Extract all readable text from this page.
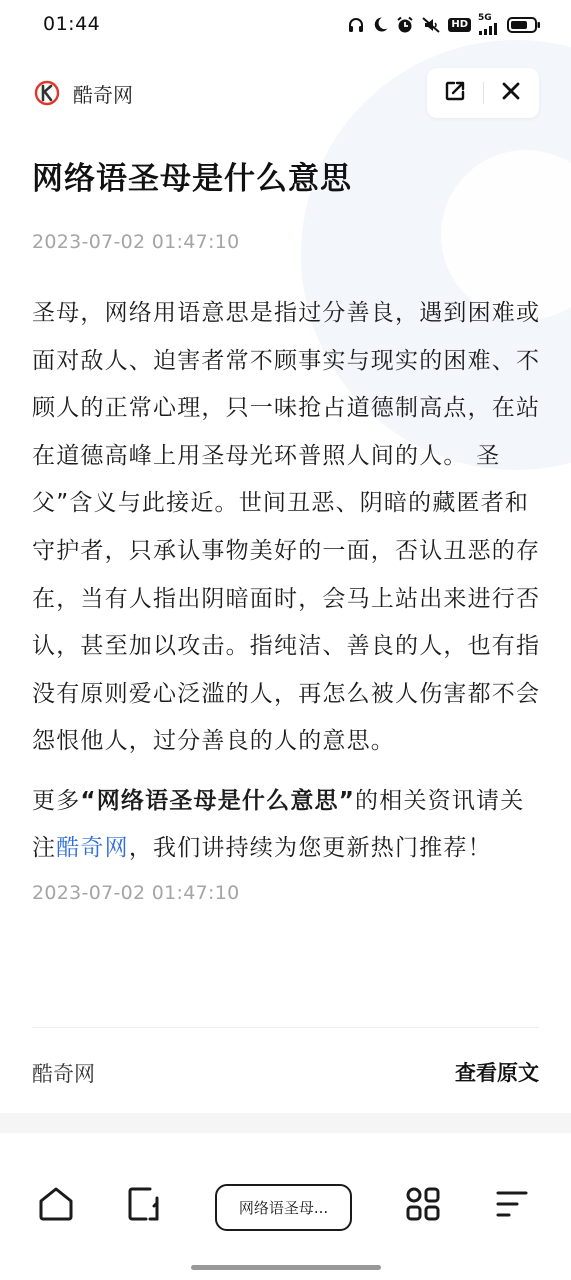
01:44	HD
5G
酷奇网
网络语圣母是什么意思
2023-07-02 01:47:10

圣母，网络用语意思是指过分善良，遇到困难或面对敌人、迫害者常不顾事实与现实的困难、不顾人的正常心理，只一味抢占道德制高点，在站在道德高峰上用圣母光环普照人间的人。 圣父”含义与此接近。世间丑恶、阴暗的藏匿者和守护者，只承认事物美好的一面，否认丑恶的存在，当有人指出阴暗面时，会马上站出来进行否认，甚至加以攻击。指纯洁、善良的人，也有指没有原则爱心泛滥的人，再怎么被人伤害都不会怨恨他人，过分善良的人的意思。

更多“网络语圣母是什么意思”的相关资讯请关注酷奇网，我们讲持续为您更新热门推荐！

2023-07-02 01:47:10
酷奇网	查看原文
网络语圣母...
